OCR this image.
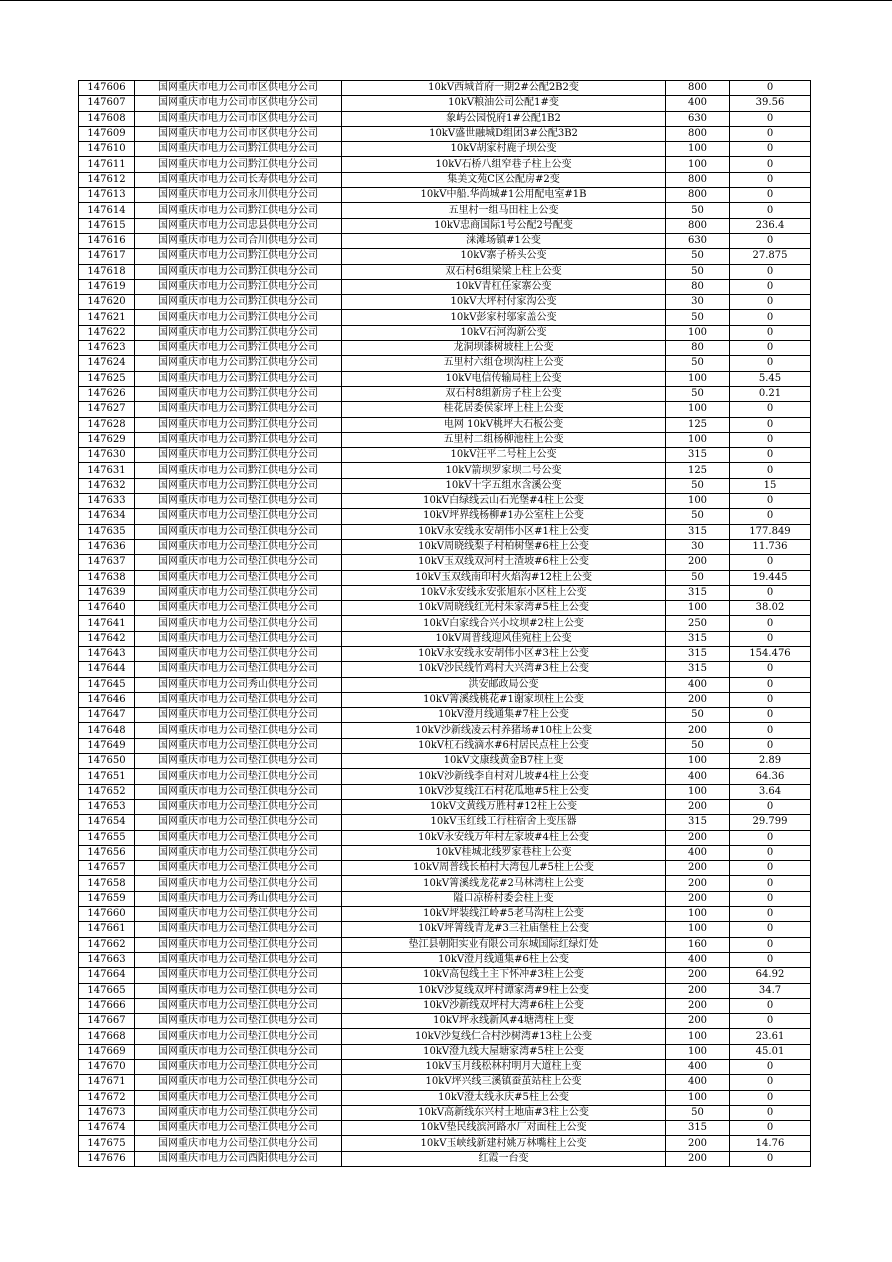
147606	国网重庆市电力公司市区供电分公司	10kV西城首府一期2#公配2B2变	800	0
147607	国网重庆市电力公司市区供电分公司	10kV粮油公司公配1#变	400	39.56
147608	国网重庆市电力公司市区供电分公司	象屿公园悦府1#公配1B2	630	0
147609	国网重庆市电力公司市区供电分公司	10kV盛世融城D组团3#公配3B2	800	0
147610	国网重庆市电力公司黔江供电分公司	10kV胡家村鹿子坝公变	100	0
147611	国网重庆市电力公司黔江供电分公司	10kV石桥八组窄巷子柱上公变	100	0
147612	国网重庆市电力公司长寿供电分公司	集美文苑C区公配房#2变	800	0
147613	国网重庆市电力公司永川供电分公司	10kV中船.华尚城#1公用配电室#1B	800	0
147614	国网重庆市电力公司黔江供电分公司	五里村一组马田柱上公变	50	0
147615	国网重庆市电力公司忠县供电分公司	10kV忠商国际1号公配2号配变	800	236.4
147616	国网重庆市电力公司合川供电分公司	涞滩场镇#1公变	630	0
147617	国网重庆市电力公司黔江供电分公司	10kV寨子桥头公变	50	27.875
147618	国网重庆市电力公司黔江供电分公司	双石村6组梁梁上柱上公变	50	0
147619	国网重庆市电力公司黔江供电分公司	10kV青杠任家寨公变	80	0
147620	国网重庆市电力公司黔江供电分公司	10kV大坪村付家沟公变	30	0
147621	国网重庆市电力公司黔江供电分公司	10kV彭家村邬家盖公变	50	0
147622	国网重庆市电力公司黔江供电分公司	10kV石河沟新公变	100	0
147623	国网重庆市电力公司黔江供电分公司	龙洞坝漆树坡柱上公变	80	0
147624	国网重庆市电力公司黔江供电分公司	五里村六组仓坝沟柱上公变	50	0
147625	国网重庆市电力公司黔江供电分公司	10kV电信传输局柱上公变	100	5.45
147626	国网重庆市电力公司黔江供电分公司	双石村8组新房子柱上公变	50	0.21
147627	国网重庆市电力公司黔江供电分公司	桂花居委侯家坪上柱上公变	100	0
147628	国网重庆市电力公司黔江供电分公司	电网 10kV桃坪大石板公变	125	0
147629	国网重庆市电力公司黔江供电分公司	五里村二组杨柳池柱上公变	100	0
147630	国网重庆市电力公司黔江供电分公司	10kV汪平二号柱上公变	315	0
147631	国网重庆市电力公司黔江供电分公司	10kV箭坝罗家坝二号公变	125	0
147632	国网重庆市电力公司黔江供电分公司	10kV十字五组水含溪公变	50	15
147633	国网重庆市电力公司垫江供电分公司	10kV白绿线云山石光堡#4柱上公变	100	0
147634	国网重庆市电力公司垫江供电分公司	10kV坪界线杨柳#1办公室柱上公变	50	0
147635	国网重庆市电力公司垫江供电分公司	10kV永安线永安胡伟小区#1柱上公变	315	177.849
147636	国网重庆市电力公司垫江供电分公司	10kV周晓线梨子村柏树堡#6柱上公变	30	11.736
147637	国网重庆市电力公司垫江供电分公司	10kV玉双线双河村土渣坡#6柱上公变	200	0
147638	国网重庆市电力公司垫江供电分公司	10kV玉双线南印村火焰沟#12柱上公变	50	19.445
147639	国网重庆市电力公司垫江供电分公司	10kV永安线永安张旭东小区柱上公变	315	0
147640	国网重庆市电力公司垫江供电分公司	10kV周晓线红光村朱家湾#5柱上公变	100	38.02
147641	国网重庆市电力公司垫江供电分公司	10kV白家线合兴小坟坝#2柱上公变	250	0
147642	国网重庆市电力公司垫江供电分公司	10kV周普线迎风佳宛柱上公变	315	0
147643	国网重庆市电力公司垫江供电分公司	10kV永安线永安胡伟小区#3柱上公变	315	154.476
147644	国网重庆市电力公司垫江供电分公司	10kV沙民线竹鸡村大兴湾#3柱上公变	315	0
147645	国网重庆市电力公司秀山供电分公司	洪安邮政局公变	400	0
147646	国网重庆市电力公司垫江供电分公司	10kV箐溪线桃花#1谢家坝柱上公变	200	0
147647	国网重庆市电力公司垫江供电分公司	10kV澄月线通集#7柱上公变	50	0
147648	国网重庆市电力公司垫江供电分公司	10kV沙新线凌云村养猪场#10柱上公变	200	0
147649	国网重庆市电力公司垫江供电分公司	10kV杠石线滴水#6村居民点柱上公变	50	0
147650	国网重庆市电力公司垫江供电分公司	10kV文康线黄金B7柱上变	100	2.89
147651	国网重庆市电力公司垫江供电分公司	10kV沙新线李自村对儿坡#4柱上公变	400	64.36
147652	国网重庆市电力公司垫江供电分公司	10kV沙复线江石村花瓜地#5柱上公变	100	3.64
147653	国网重庆市电力公司垫江供电分公司	10kV文黄线万胜村#12柱上公变	200	0
147654	国网重庆市电力公司垫江供电分公司	10kV玉红线工行柱宿舍上变压器	315	29.799
147655	国网重庆市电力公司垫江供电分公司	10kV永安线万年村左家坡#4柱上公变	200	0
147656	国网重庆市电力公司垫江供电分公司	10kV桂城北线罗家巷柱上公变	400	0
147657	国网重庆市电力公司垫江供电分公司	10kV周普线长柏村大湾包儿#5柱上公变	200	0
147658	国网重庆市电力公司垫江供电分公司	10kV箐溪线龙花#2马林湾柱上公变	200	0
147659	国网重庆市电力公司秀山供电分公司	隘口凉桥村委会柱上变	200	0
147660	国网重庆市电力公司垫江供电分公司	10kV坪装线江岭#5老马沟柱上公变	100	0
147661	国网重庆市电力公司垫江供电分公司	10kV坪箐线青龙#3三社庙堡柱上公变	100	0
147662	国网重庆市电力公司垫江供电分公司	垫江县朝阳实业有限公司东城国际红绿灯处	160	0
147663	国网重庆市电力公司垫江供电分公司	10kV澄月线通集#6柱上公变	400	0
147664	国网重庆市电力公司垫江供电分公司	10kV高包线土主下怀冲#3柱上公变	200	64.92
147665	国网重庆市电力公司垫江供电分公司	10kV沙复线双坪村谭家湾#9柱上公变	200	34.7
147666	国网重庆市电力公司垫江供电分公司	10kV沙新线双坪村大湾#6柱上公变	200	0
147667	国网重庆市电力公司垫江供电分公司	10kV坪永线新风#4塘湾柱上变	200	0
147668	国网重庆市电力公司垫江供电分公司	10kV沙复线仁合村沙树湾#13柱上公变	100	23.61
147669	国网重庆市电力公司垫江供电分公司	10kV澄九线大屋塘家湾#5柱上公变	100	45.01
147670	国网重庆市电力公司垫江供电分公司	10kV玉月线松林村明月大道柱上变	400	0
147671	国网重庆市电力公司垫江供电分公司	10kV坪兴线三溪镇蚕茧站柱上公变	400	0
147672	国网重庆市电力公司垫江供电分公司	10kV澄太线永庆#5柱上公变	100	0
147673	国网重庆市电力公司垫江供电分公司	10kV高新线东兴村土地庙#3柱上公变	50	0
147674	国网重庆市电力公司垫江供电分公司	10kV垫民线滨河路水厂对面柱上公变	315	0
147675	国网重庆市电力公司垫江供电分公司	10kV玉峡线新建村姚万林嘴柱上公变	200	14.76
147676	国网重庆市电力公司酉阳供电分公司	红霞一台变	200	0
